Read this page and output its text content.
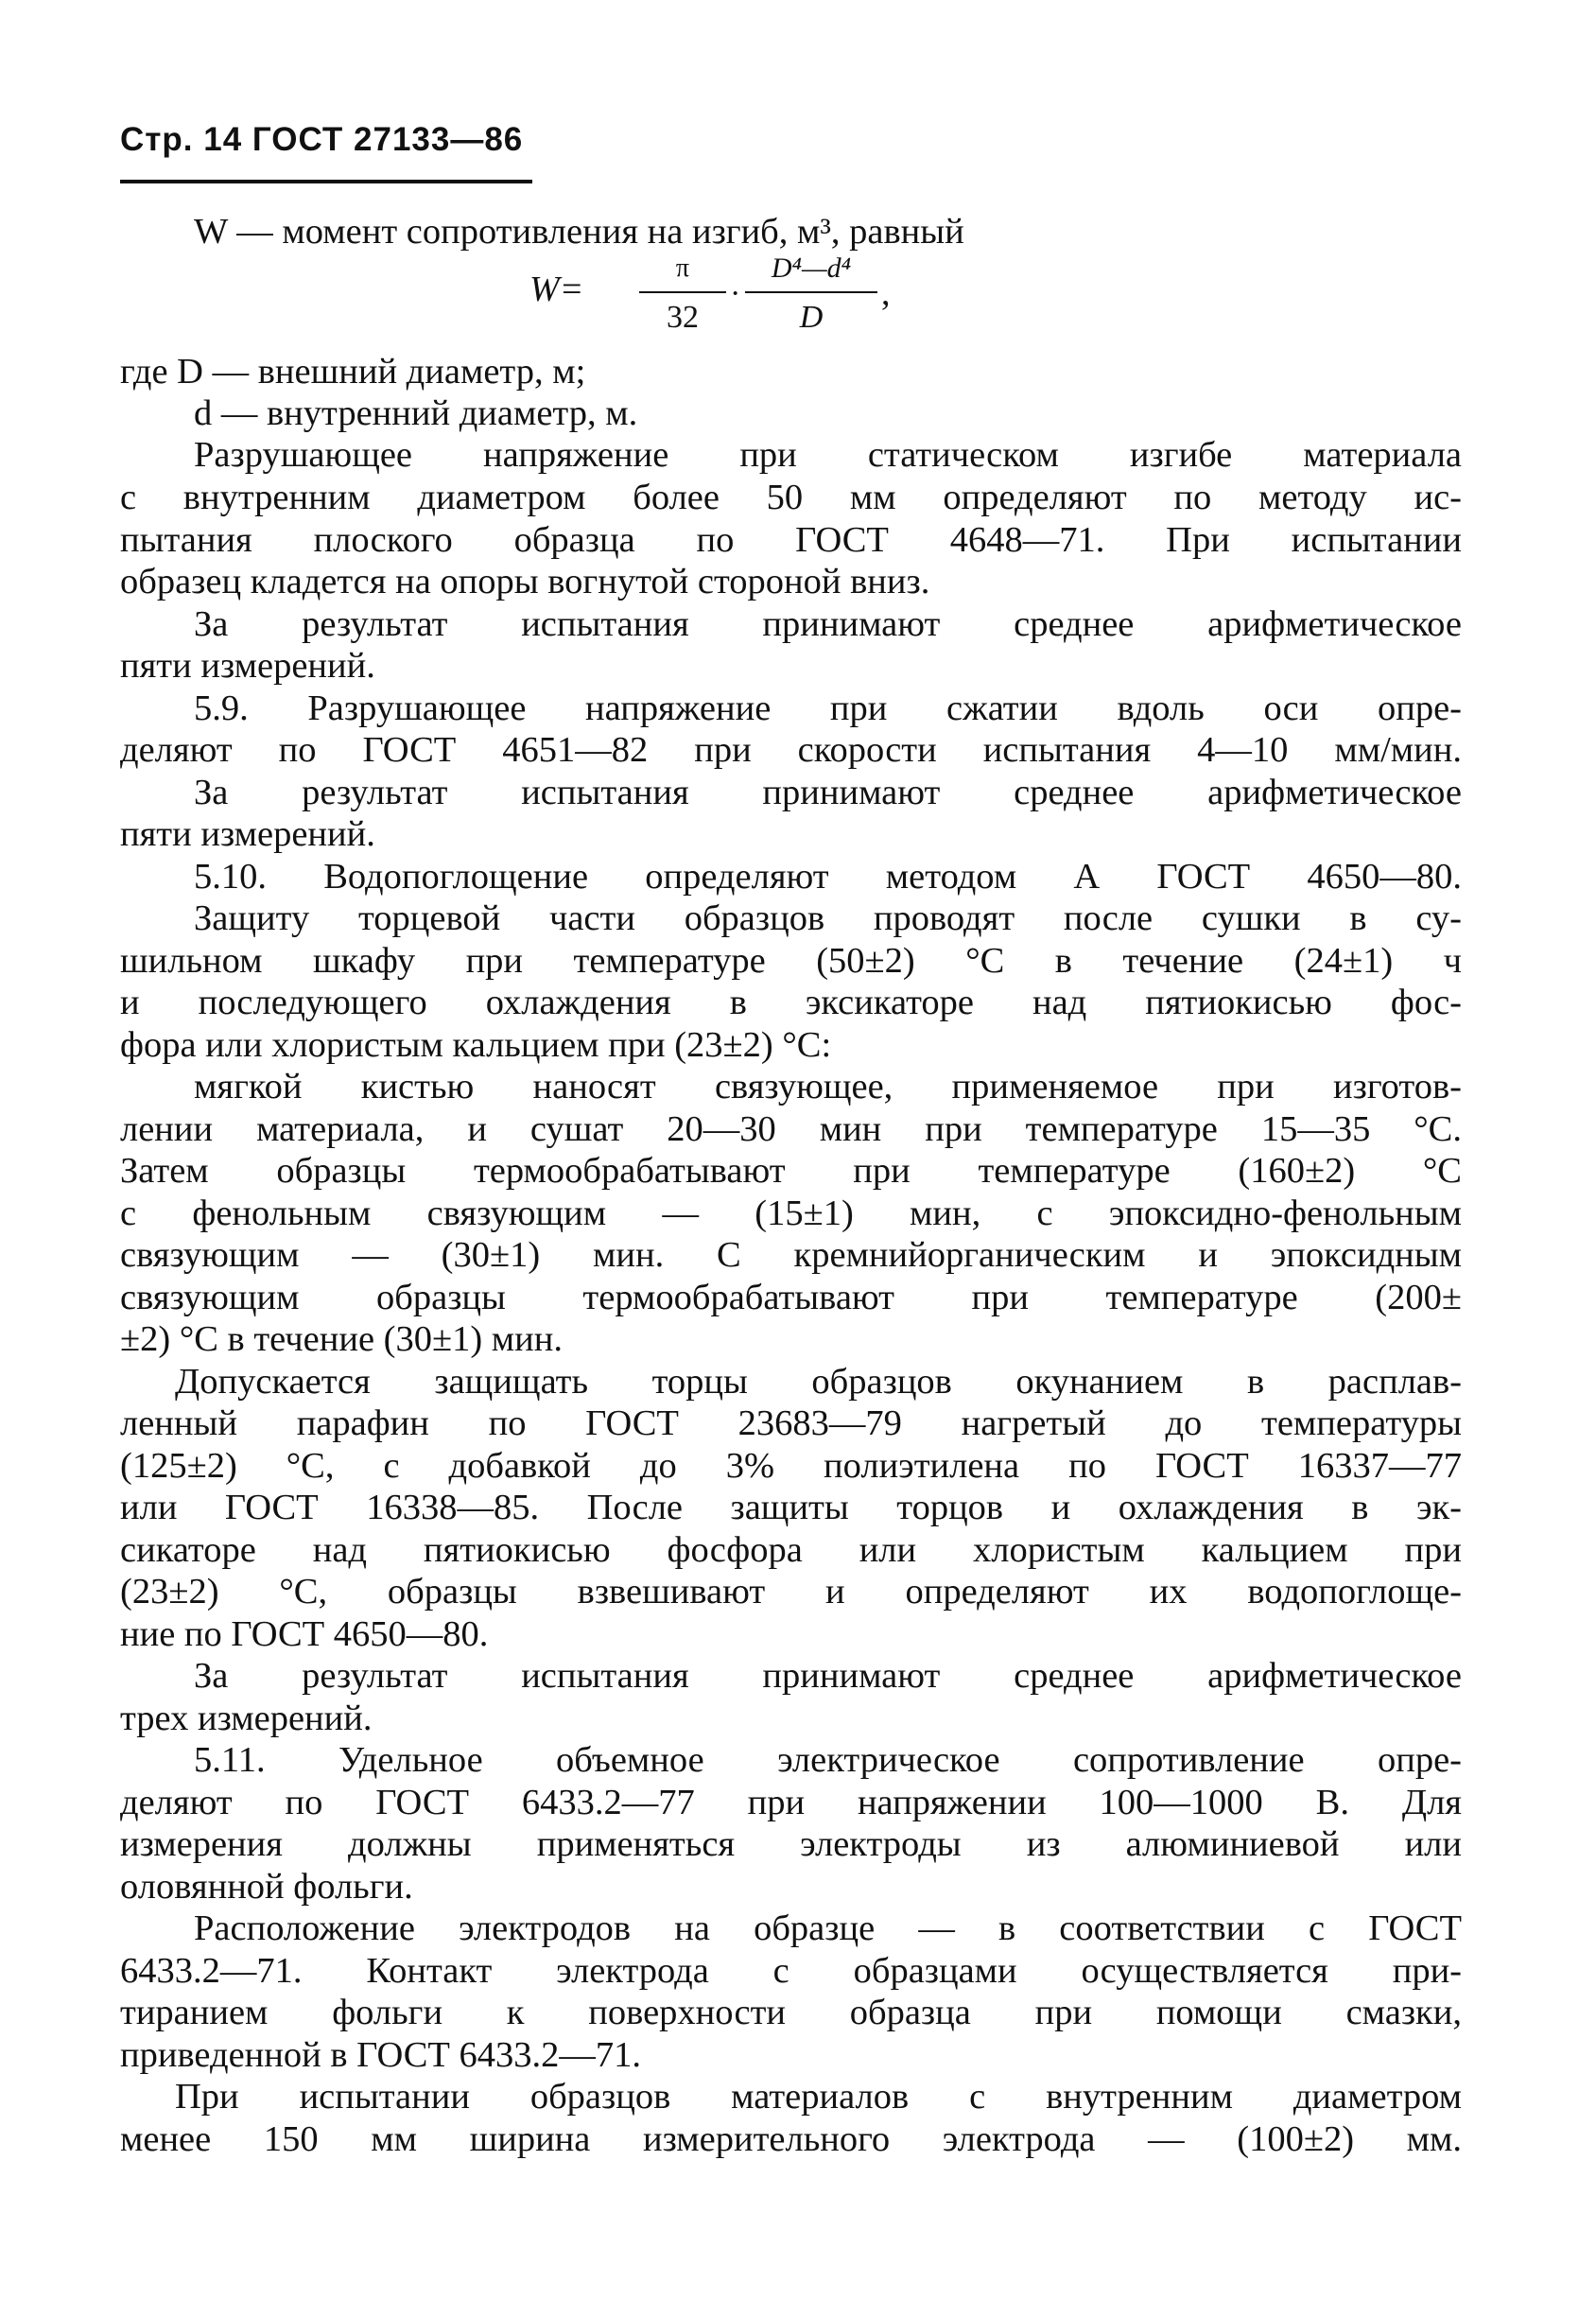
Стр. 14 ГОСТ 27133—86
W — момент сопротивления на изгиб, м³, равный
W=
π
32
·
D⁴—d⁴
D
,
где D — внешний диаметр, м;
d — внутренний диаметр, м.
Разрушающее напряжение при статическом изгибе материала
с внутренним диаметром более 50 мм определяют по методу ис-
пытания плоского образца по ГОСТ 4648—71. При испытании
образец кладется на опоры вогнутой стороной вниз.
За результат испытания принимают среднее арифметическое
пяти измерений.
5.9. Разрушающее напряжение при сжатии вдоль оси опре-
деляют по ГОСТ 4651—82 при скорости испытания 4—10 мм/мин.
За результат испытания принимают среднее арифметическое
пяти измерений.
5.10. Водопоглощение определяют методом А ГОСТ 4650—80.
Защиту торцевой части образцов проводят после сушки в су-
шильном шкафу при температуре (50±2) °С в течение (24±1) ч
и последующего охлаждения в эксикаторе над пятиокисью фос-
фора или хлористым кальцием при (23±2) °С:
мягкой кистью наносят связующее, применяемое при изготов-
лении материала, и сушат 20—30 мин при температуре 15—35 °С.
Затем образцы термообрабатывают при температуре (160±2) °С
с фенольным связующим — (15±1) мин, с эпоксидно-фенольным
связующим — (30±1) мин. С кремнийорганическим и эпоксидным
связующим образцы термообрабатывают при температуре (200±
±2) °С в течение (30±1) мин.
Допускается защищать торцы образцов окунанием в расплав-
ленный парафин по ГОСТ 23683—79 нагретый до температуры
(125±2) °С, с добавкой до 3% полиэтилена по ГОСТ 16337—77
или ГОСТ 16338—85. После защиты торцов и охлаждения в эк-
сикаторе над пятиокисью фосфора или хлористым кальцием при
(23±2) °С, образцы взвешивают и определяют их водопоглоще-
ние по ГОСТ 4650—80.
За результат испытания принимают среднее арифметическое
трех измерений.
5.11. Удельное объемное электрическое сопротивление опре-
деляют по ГОСТ 6433.2—77 при напряжении 100—1000 В. Для
измерения должны применяться электроды из алюминиевой или
оловянной фольги.
Расположение электродов на образце — в соответствии с ГОСТ
6433.2—71. Контакт электрода с образцами осуществляется при-
тиранием фольги к поверхности образца при помощи смазки,
приведенной в ГОСТ 6433.2—71.
При испытании образцов материалов с внутренним диаметром
менее 150 мм ширина измерительного электрода — (100±2) мм.
